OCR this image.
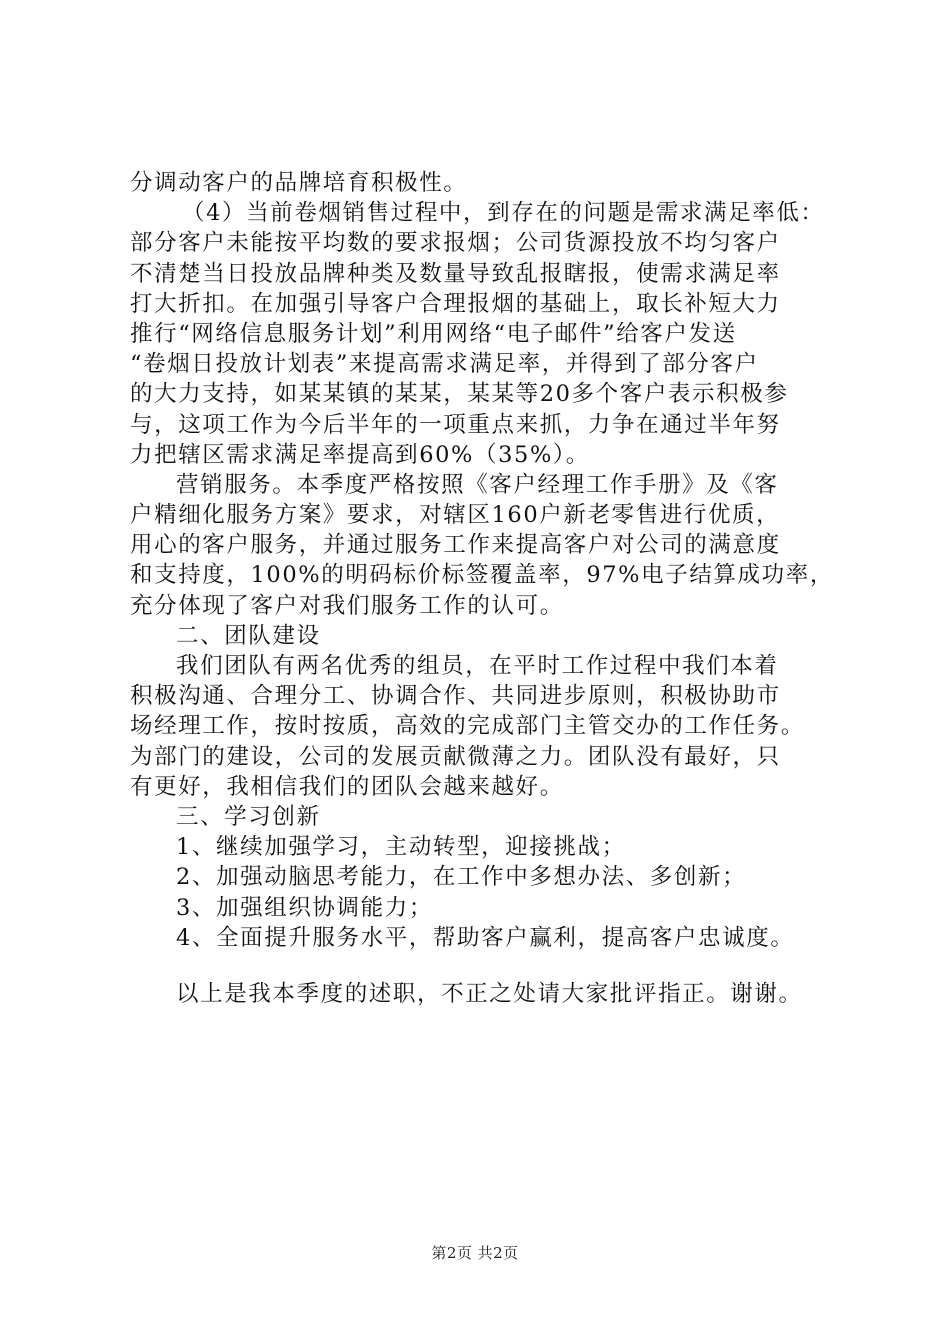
分调动客户的品牌培育积极性。
（4）当前卷烟销售过程中，到存在的问题是需求满足率低：
部分客户未能按平均数的要求报烟；公司货源投放不均匀客户
不清楚当日投放品牌种类及数量导致乱报瞎报，使需求满足率
打大折扣。在加强引导客户合理报烟的基础上，取长补短大力
推行“网络信息服务计划”利用网络“电子邮件”给客户发送
“卷烟日投放计划表”来提高需求满足率，并得到了部分客户
的大力支持，如某某镇的某某，某某等20多个客户表示积极参
与，这项工作为今后半年的一项重点来抓，力争在通过半年努
力把辖区需求满足率提高到60%（35%）。
营销服务。本季度严格按照《客户经理工作手册》及《客
户精细化服务方案》要求，对辖区160户新老零售进行优质，
用心的客户服务，并通过服务工作来提高客户对公司的满意度
和支持度，100%的明码标价标签覆盖率，97%电子结算成功率，
充分体现了客户对我们服务工作的认可。
二、团队建设
我们团队有两名优秀的组员，在平时工作过程中我们本着
积极沟通、合理分工、协调合作、共同进步原则，积极协助市
场经理工作，按时按质，高效的完成部门主管交办的工作任务。
为部门的建设，公司的发展贡献微薄之力。团队没有最好，只
有更好，我相信我们的团队会越来越好。
三、学习创新
1、继续加强学习，主动转型，迎接挑战；
2、加强动脑思考能力，在工作中多想办法、多创新；
3、加强组织协调能力；
4、全面提升服务水平，帮助客户赢利，提高客户忠诚度。
以上是我本季度的述职，不正之处请大家批评指正。谢谢。
第2页 共2页
